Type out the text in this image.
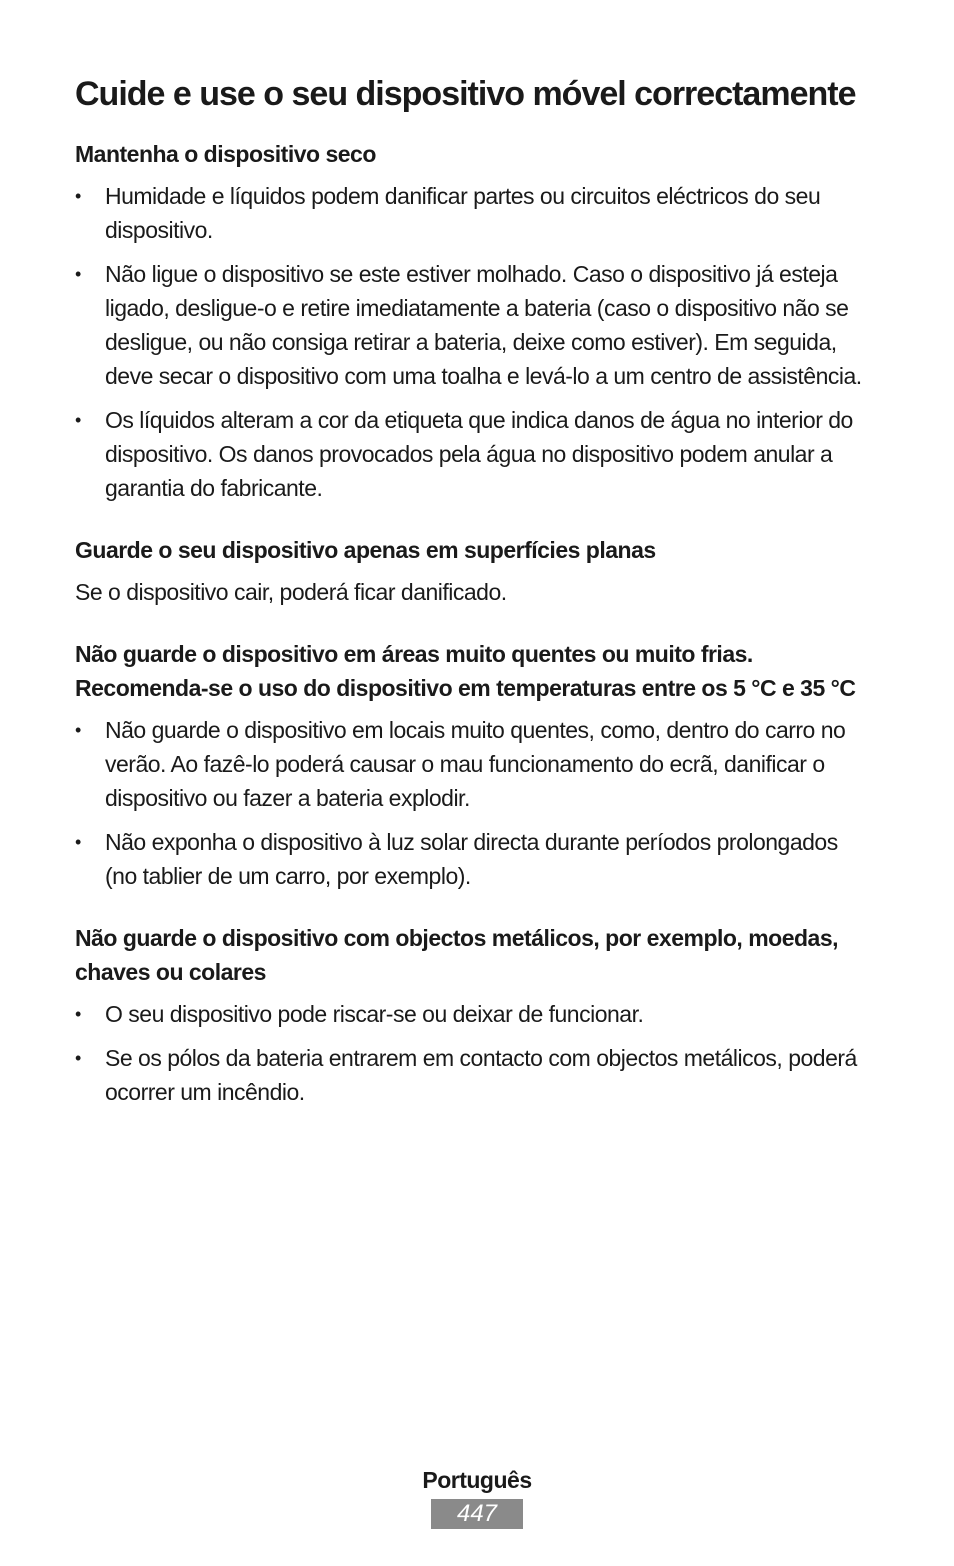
Cuide e use o seu dispositivo móvel correctamente
Mantenha o dispositivo seco
• Humidade e líquidos podem danificar partes ou circuitos eléctricos do seu dispositivo.
• Não ligue o dispositivo se este estiver molhado. Caso o dispositivo já esteja ligado, desligue-o e retire imediatamente a bateria (caso o dispositivo não se desligue, ou não consiga retirar a bateria, deixe como estiver). Em seguida, deve secar o dispositivo com uma toalha e levá-lo a um centro de assistência.
• Os líquidos alteram a cor da etiqueta que indica danos de água no interior do dispositivo. Os danos provocados pela água no dispositivo podem anular a garantia do fabricante.
Guarde o seu dispositivo apenas em superfícies planas

Se o dispositivo cair, poderá ficar danificado.

Não guarde o dispositivo em áreas muito quentes ou muito frias. Recomenda-se o uso do dispositivo em temperaturas entre os 5 °C e 35 °C
• Não guarde o dispositivo em locais muito quentes, como, dentro do carro no verão. Ao fazê-lo poderá causar o mau funcionamento do ecrã, danificar o dispositivo ou fazer a bateria explodir.
• Não exponha o dispositivo à luz solar directa durante períodos prolongados (no tablier de um carro, por exemplo).
Não guarde o dispositivo com objectos metálicos, por exemplo, moedas, chaves ou colares
• O seu dispositivo pode riscar-se ou deixar de funcionar.
• Se os pólos da bateria entrarem em contacto com objectos metálicos, poderá ocorrer um incêndio.
Português
447
